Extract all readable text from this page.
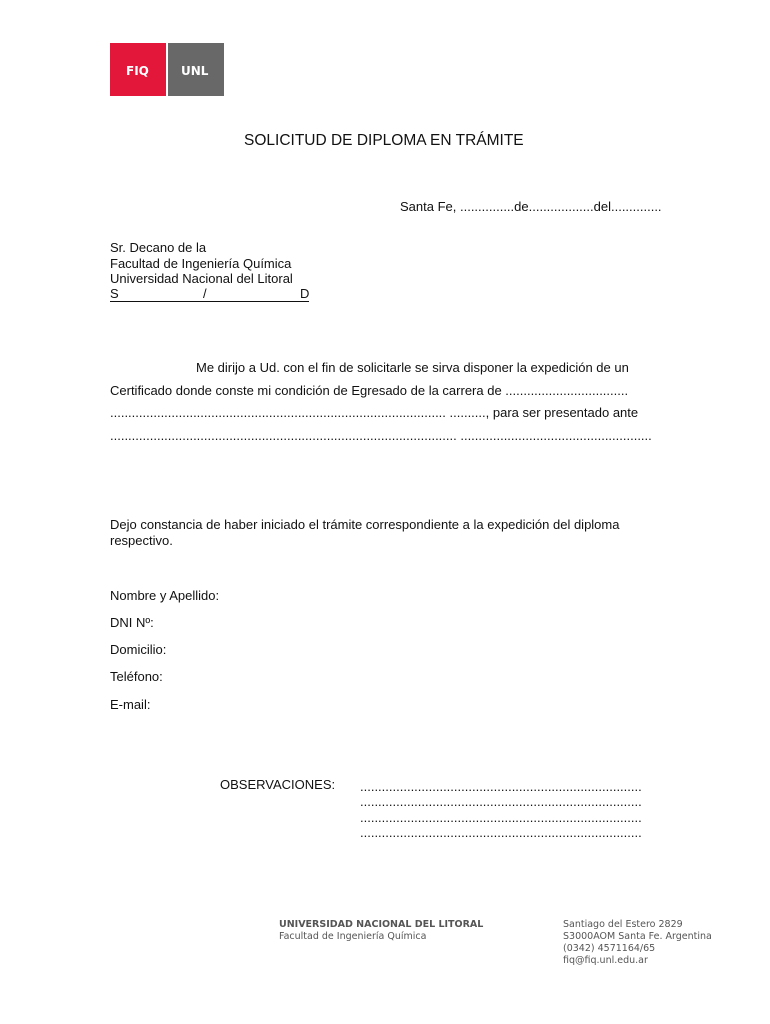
FIQ	UNL
SOLICITUD DE DIPLOMA EN TRÁMITE
Santa Fe, ...............de..................del..............
Sr. Decano de la
Facultad de Ingeniería Química
Universidad Nacional del Litoral
S	/	D
Me dirijo a Ud. con el fin de solicitarle se sirva disponer la expedición de un
Certificado donde conste mi condición de Egresado de la carrera de ..................................
............................................................................................. .........., para ser presentado ante
................................................................................................ .....................................................
Dejo constancia de haber iniciado el trámite correspondiente a la expedición del diploma
respectivo.
Nombre y Apellido:
DNI Nº:
Domicilio:
Teléfono:
E-mail:
OBSERVACIONES: ..............................................................................
..............................................................................
..............................................................................
..............................................................................
UNIVERSIDAD NACIONAL DEL LITORAL
Facultad de Ingeniería Química
Santiago del Estero 2829
S3000AOM Santa Fe. Argentina
(0342) 4571164/65
fiq@fiq.unl.edu.ar
